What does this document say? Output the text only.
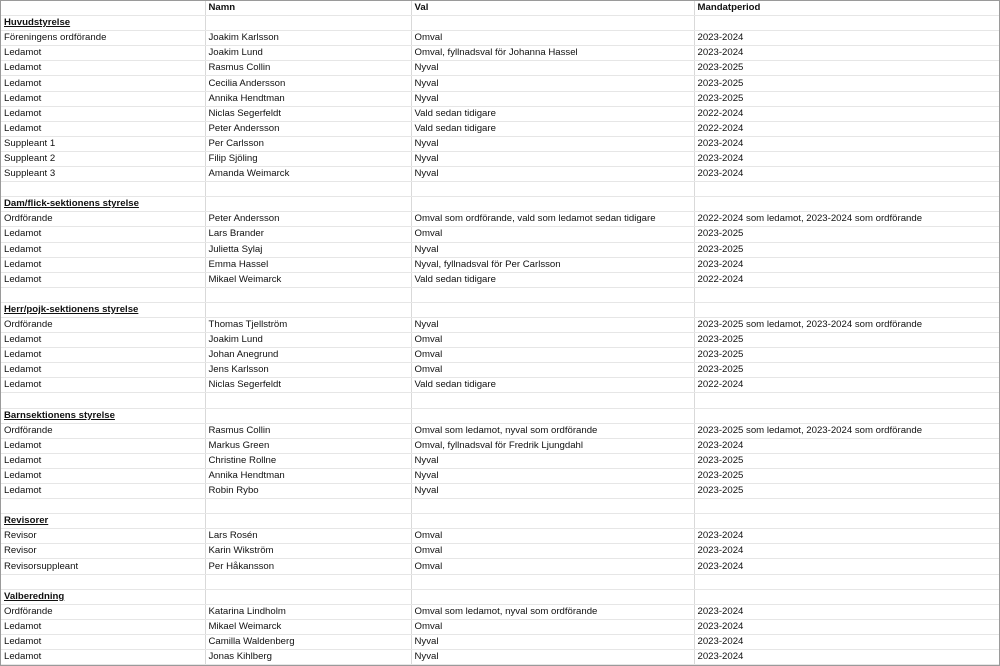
	Namn	Val	Mandatperiod
Huvudstyrelse			
Föreningens ordförande	Joakim Karlsson	Omval	2023-2024
Ledamot	Joakim Lund	Omval, fyllnadsval för Johanna Hassel	2023-2024
Ledamot	Rasmus Collin	Nyval	2023-2025
Ledamot	Cecilia Andersson	Nyval	2023-2025
Ledamot	Annika Hendtman	Nyval	2023-2025
Ledamot	Niclas Segerfeldt	Vald sedan tidigare	2022-2024
Ledamot	Peter Andersson	Vald sedan tidigare	2022-2024
Suppleant 1	Per Carlsson	Nyval	2023-2024
Suppleant 2	Filip Sjöling	Nyval	2023-2024
Suppleant 3	Amanda Weimarck	Nyval	2023-2024

Dam/flick-sektionens styrelse			
Ordförande	Peter Andersson	Omval som ordförande, vald som ledamot sedan tidigare	2022-2024 som ledamot, 2023-2024 som ordförande
Ledamot	Lars Brander	Omval	2023-2025
Ledamot	Julietta Sylaj	Nyval	2023-2025
Ledamot	Emma Hassel	Nyval, fyllnadsval för Per Carlsson	2023-2024
Ledamot	Mikael Weimarck	Vald sedan tidigare	2022-2024

Herr/pojk-sektionens styrelse			
Ordförande	Thomas Tjellström	Nyval	2023-2025 som ledamot, 2023-2024 som ordförande
Ledamot	Joakim Lund	Omval	2023-2025
Ledamot	Johan Anegrund	Omval	2023-2025
Ledamot	Jens Karlsson	Omval	2023-2025
Ledamot	Niclas Segerfeldt	Vald sedan tidigare	2022-2024

Barnsektionens styrelse			
Ordförande	Rasmus Collin	Omval som ledamot, nyval som ordförande	2023-2025 som ledamot, 2023-2024 som ordförande
Ledamot	Markus Green	Omval, fyllnadsval för Fredrik Ljungdahl	2023-2024
Ledamot	Christine Rollne	Nyval	2023-2025
Ledamot	Annika Hendtman	Nyval	2023-2025
Ledamot	Robin Rybo	Nyval	2023-2025

Revisorer			
Revisor	Lars Rosén	Omval	2023-2024
Revisor	Karin Wikström	Omval	2023-2024
Revisorsuppleant	Per Håkansson	Omval	2023-2024

Valberedning			
Ordförande	Katarina Lindholm	Omval som ledamot, nyval som ordförande	2023-2024
Ledamot	Mikael Weimarck	Omval	2023-2024
Ledamot	Camilla Waldenberg	Nyval	2023-2024
Ledamot	Jonas Kihlberg	Nyval	2023-2024
